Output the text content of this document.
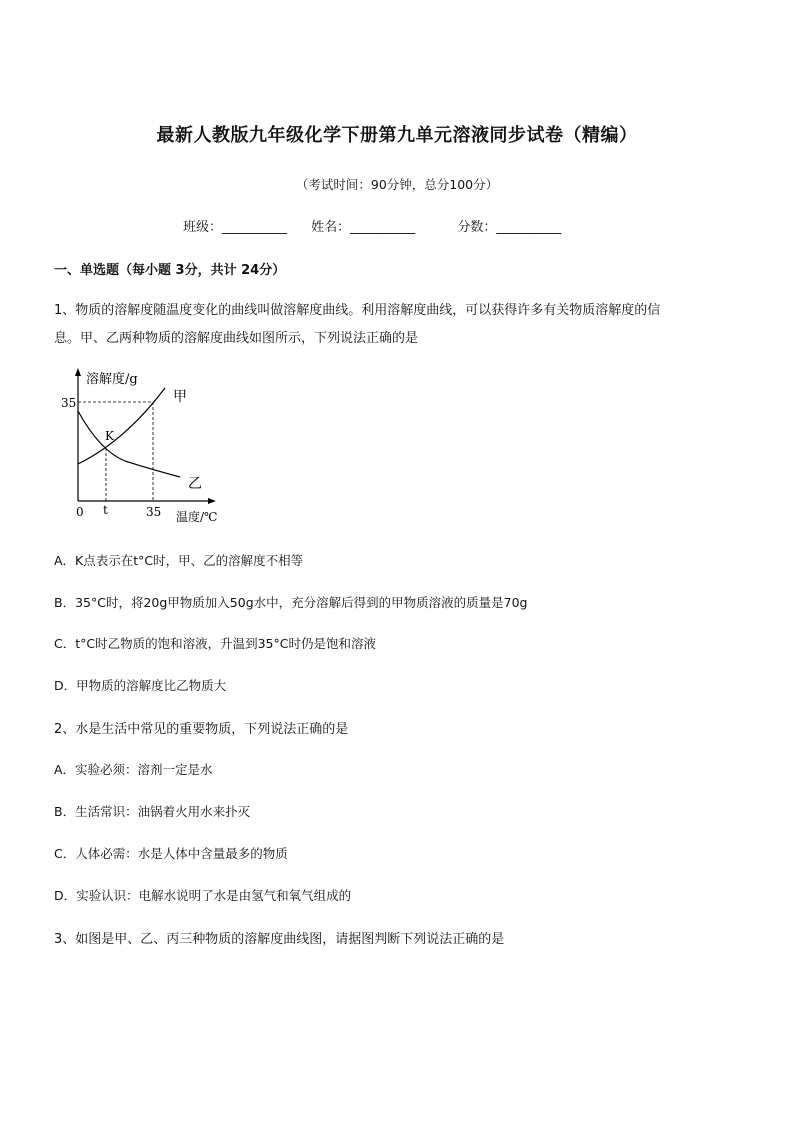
最新人教版九年级化学下册第九单元溶液同步试卷（精编）
（考试时间：90分钟，总分100分）
班级：__________ 姓名：__________	分数：__________
一、单选题（每小题 3分，共计 24分）
1、物质的溶解度随温度变化的曲线叫做溶解度曲线。利用溶解度曲线，可以获得许多有关物质溶解度的信
息。甲、乙两种物质的溶解度曲线如图所示，下列说法正确的是
溶解度/g
35
K
甲
乙
0 t	35 温度/℃
A．K点表示在t°C时，甲、乙的溶解度不相等
B．35°C时，将20g甲物质加入50g水中，充分溶解后得到的甲物质溶液的质量是70g
C．t°C时乙物质的饱和溶液，升温到35°C时仍是饱和溶液
D．甲物质的溶解度比乙物质大
2、水是生活中常见的重要物质，下列说法正确的是
A．实验必须：溶剂一定是水
B．生活常识：油锅着火用水来扑灭
C．人体必需：水是人体中含量最多的物质
D．实验认识：电解水说明了水是由氢气和氧气组成的
3、如图是甲、乙、丙三种物质的溶解度曲线图，请据图判断下列说法正确的是
